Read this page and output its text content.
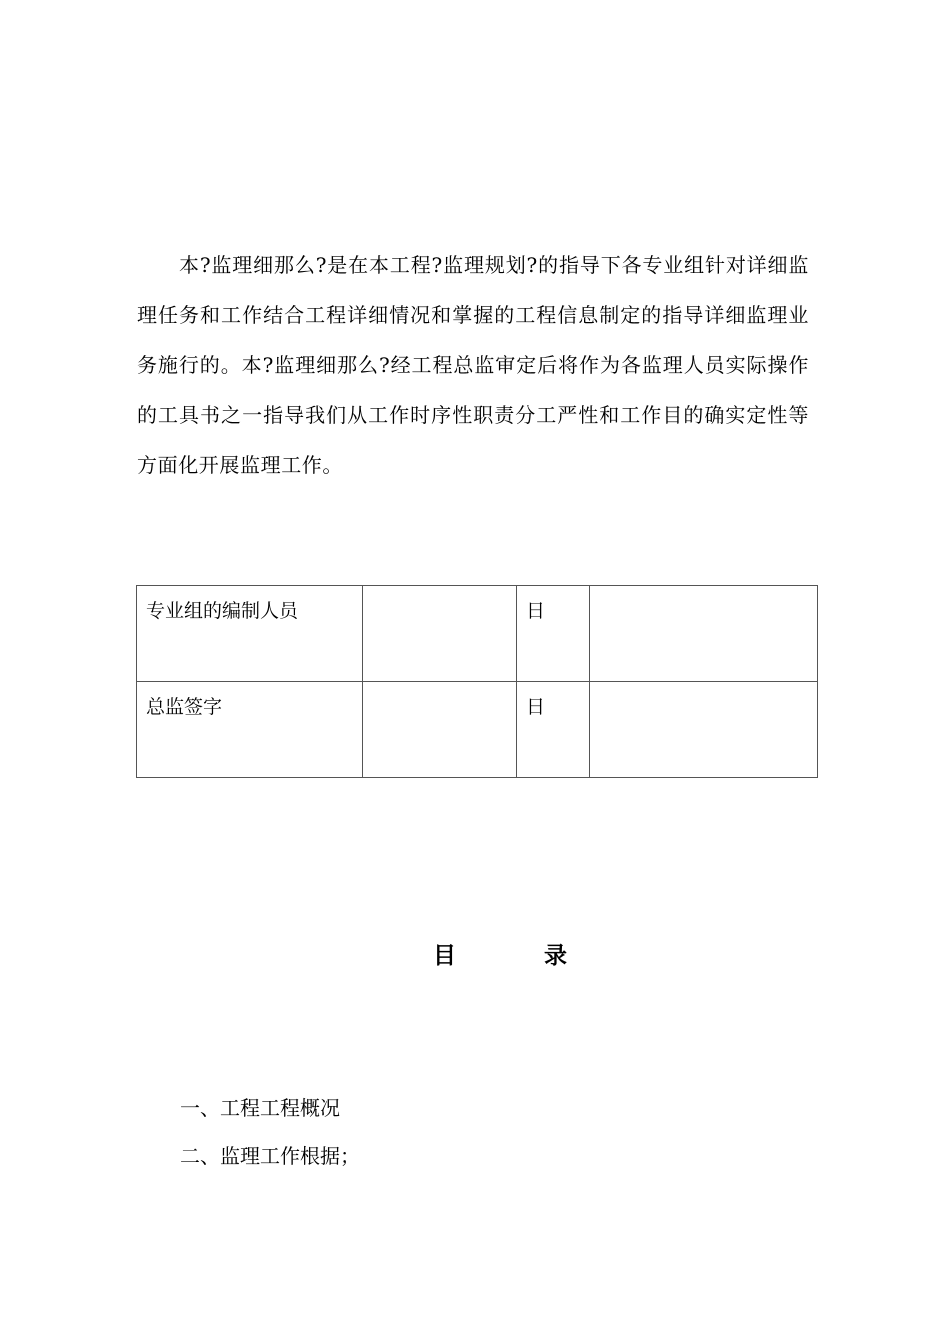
本?监理细那么?是在本工程?监理规划?的指导下各专业组针对详细监理任务和工作结合工程详细情况和掌握的工程信息制定的指导详细监理业务施行的。本?监理细那么?经工程总监审定后将作为各监理人员实际操作的工具书之一指导我们从工作时序性职责分工严性和工作目的确实定性等方面化开展监理工作。

专业组的编制人员		日	
总监签字		日	
目	录
一、工程工程概况
二、监理工作根据；
